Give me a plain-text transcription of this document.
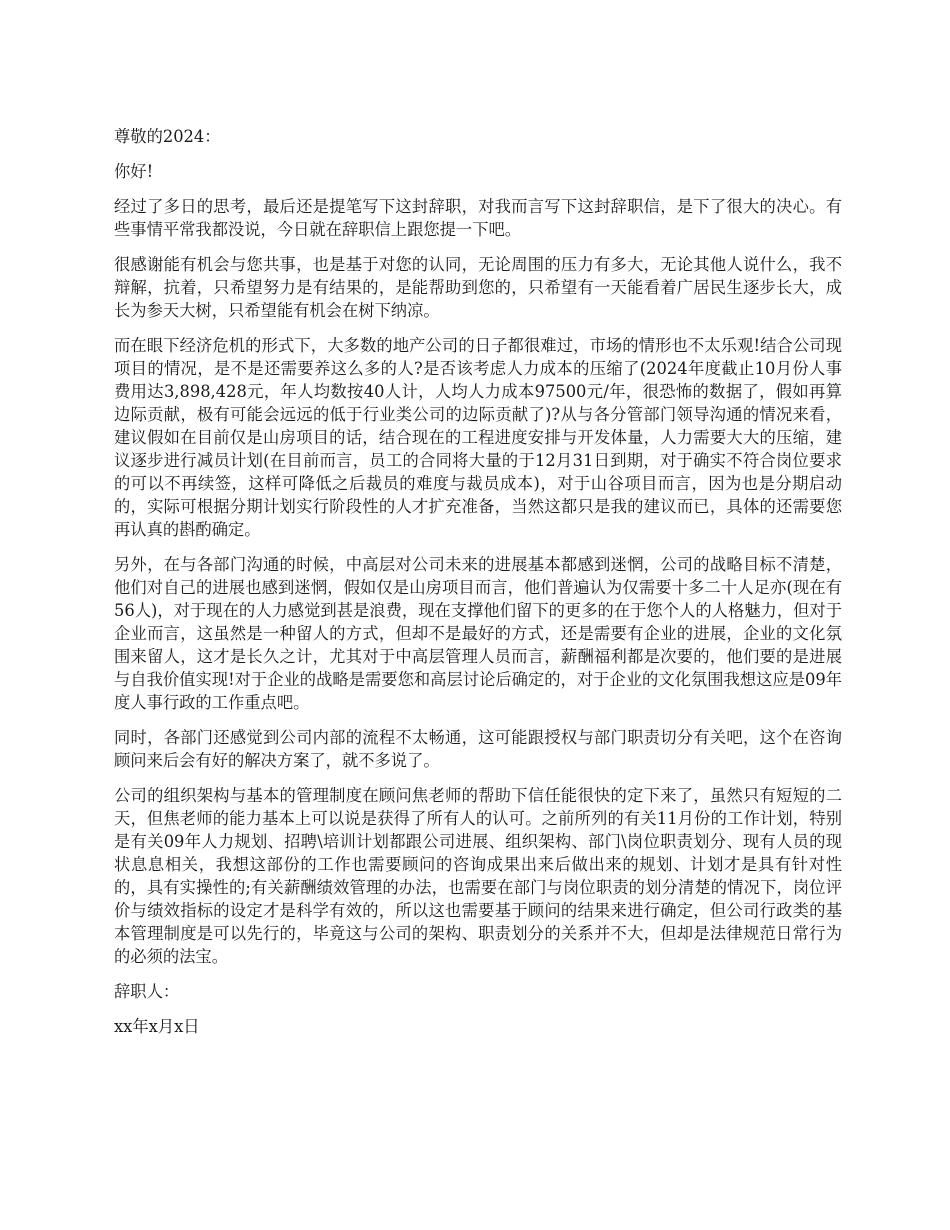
尊敬的2024：

你好!

经过了多日的思考，最后还是提笔写下这封辞职，对我而言写下这封辞职信，是下了很大的决心。有些事情平常我都没说，今日就在辞职信上跟您提一下吧。

很感谢能有机会与您共事，也是基于对您的认同，无论周围的压力有多大，无论其他人说什么，我不辩解，抗着，只希望努力是有结果的，是能帮助到您的，只希望有一天能看着广居民生逐步长大，成长为参天大树，只希望能有机会在树下纳凉。

而在眼下经济危机的形式下，大多数的地产公司的日子都很难过，市场的情形也不太乐观!结合公司现项目的情况，是不是还需要养这么多的人?是否该考虑人力成本的压缩了(2024年度截止10月份人事费用达3,898,428元，年人均数按40人计，人均人力成本97500元/年，很恐怖的数据了，假如再算边际贡献，极有可能会远远的低于行业类公司的边际贡献了)?从与各分管部门领导沟通的情况来看，建议假如在目前仅是山房项目的话，结合现在的工程进度安排与开发体量，人力需要大大的压缩，建议逐步进行减员计划(在目前而言，员工的合同将大量的于12月31日到期，对于确实不符合岗位要求的可以不再续签，这样可降低之后裁员的难度与裁员成本)，对于山谷项目而言，因为也是分期启动的，实际可根据分期计划实行阶段性的人才扩充准备，当然这都只是我的建议而已，具体的还需要您再认真的斟酌确定。

另外，在与各部门沟通的时候，中高层对公司未来的进展基本都感到迷惘，公司的战略目标不清楚，他们对自己的进展也感到迷惘，假如仅是山房项目而言，他们普遍认为仅需要十多二十人足亦(现在有56人)，对于现在的人力感觉到甚是浪费，现在支撑他们留下的更多的在于您个人的人格魅力，但对于企业而言，这虽然是一种留人的方式，但却不是最好的方式，还是需要有企业的进展，企业的文化氛围来留人，这才是长久之计，尤其对于中高层管理人员而言，薪酬福利都是次要的，他们要的是进展与自我价值实现!对于企业的战略是需要您和高层讨论后确定的，对于企业的文化氛围我想这应是09年度人事行政的工作重点吧。

同时，各部门还感觉到公司内部的流程不太畅通，这可能跟授权与部门职责切分有关吧，这个在咨询顾问来后会有好的解决方案了，就不多说了。

公司的组织架构与基本的管理制度在顾问焦老师的帮助下信任能很快的定下来了，虽然只有短短的二天，但焦老师的能力基本上可以说是获得了所有人的认可。之前所列的有关11月份的工作计划，特别是有关09年人力规划、招聘\培训计划都跟公司进展、组织架构、部门\岗位职责划分、现有人员的现状息息相关，我想这部份的工作也需要顾问的咨询成果出来后做出来的规划、计划才是具有针对性的，具有实操性的;有关薪酬绩效管理的办法，也需要在部门与岗位职责的划分清楚的情况下，岗位评价与绩效指标的设定才是科学有效的，所以这也需要基于顾问的结果来进行确定，但公司行政类的基本管理制度是可以先行的，毕竟这与公司的架构、职责划分的关系并不大，但却是法律规范日常行为的必须的法宝。

辞职人：

xx年x月x日
